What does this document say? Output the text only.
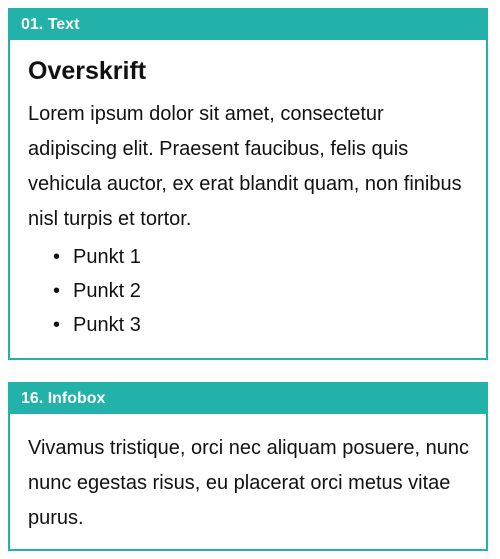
01. Text
Overskrift

Lorem ipsum dolor sit amet, consectetur adipiscing elit. Praesent faucibus, felis quis vehicula auctor, ex erat blandit quam, non finibus nisl turpis et tortor.

• Punkt 1
• Punkt 2
• Punkt 3
16. Infobox

Vivamus tristique, orci nec aliquam posuere, nunc nunc egestas risus, eu placerat orci metus vitae purus.
